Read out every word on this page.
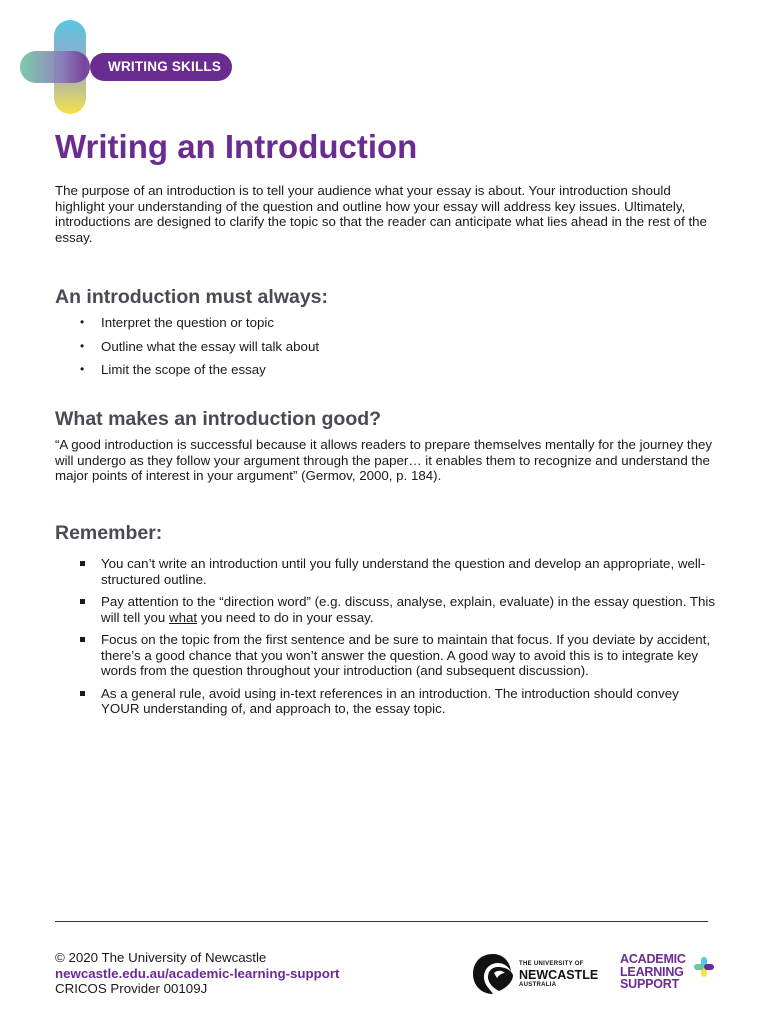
WRITING SKILLS
Writing an Introduction

The purpose of an introduction is to tell your audience what your essay is about. Your introduction should highlight your understanding of the question and outline how your essay will address key issues. Ultimately, introductions are designed to clarify the topic so that the reader can anticipate what lies ahead in the rest of the essay.

An introduction must always:
• Interpret the question or topic
• Outline what the essay will talk about
• Limit the scope of the essay
What makes an introduction good?

“A good introduction is successful because it allows readers to prepare themselves mentally for the journey they will undergo as they follow your argument through the paper… it enables them to recognize and understand the major points of interest in your argument” (Germov, 2000, p. 184).

Remember:
You can’t write an introduction until you fully understand the question and develop an appropriate, well-structured outline.
Pay attention to the “direction word” (e.g. discuss, analyse, explain, evaluate) in the essay question. This will tell you what you need to do in your essay.
Focus on the topic from the first sentence and be sure to maintain that focus. If you deviate by accident, there’s a good chance that you won’t answer the question. A good way to avoid this is to integrate key words from the question throughout your introduction (and subsequent discussion).
As a general rule, avoid using in-text references in an introduction. The introduction should convey YOUR understanding of, and approach to, the essay topic.
© 2020 The University of Newcastle
newcastle.edu.au/academic-learning-support
CRICOS Provider 00109J
THE UNIVERSITY OF
NEWCASTLE
AUSTRALIA
ACADEMIC
LEARNING
SUPPORT
